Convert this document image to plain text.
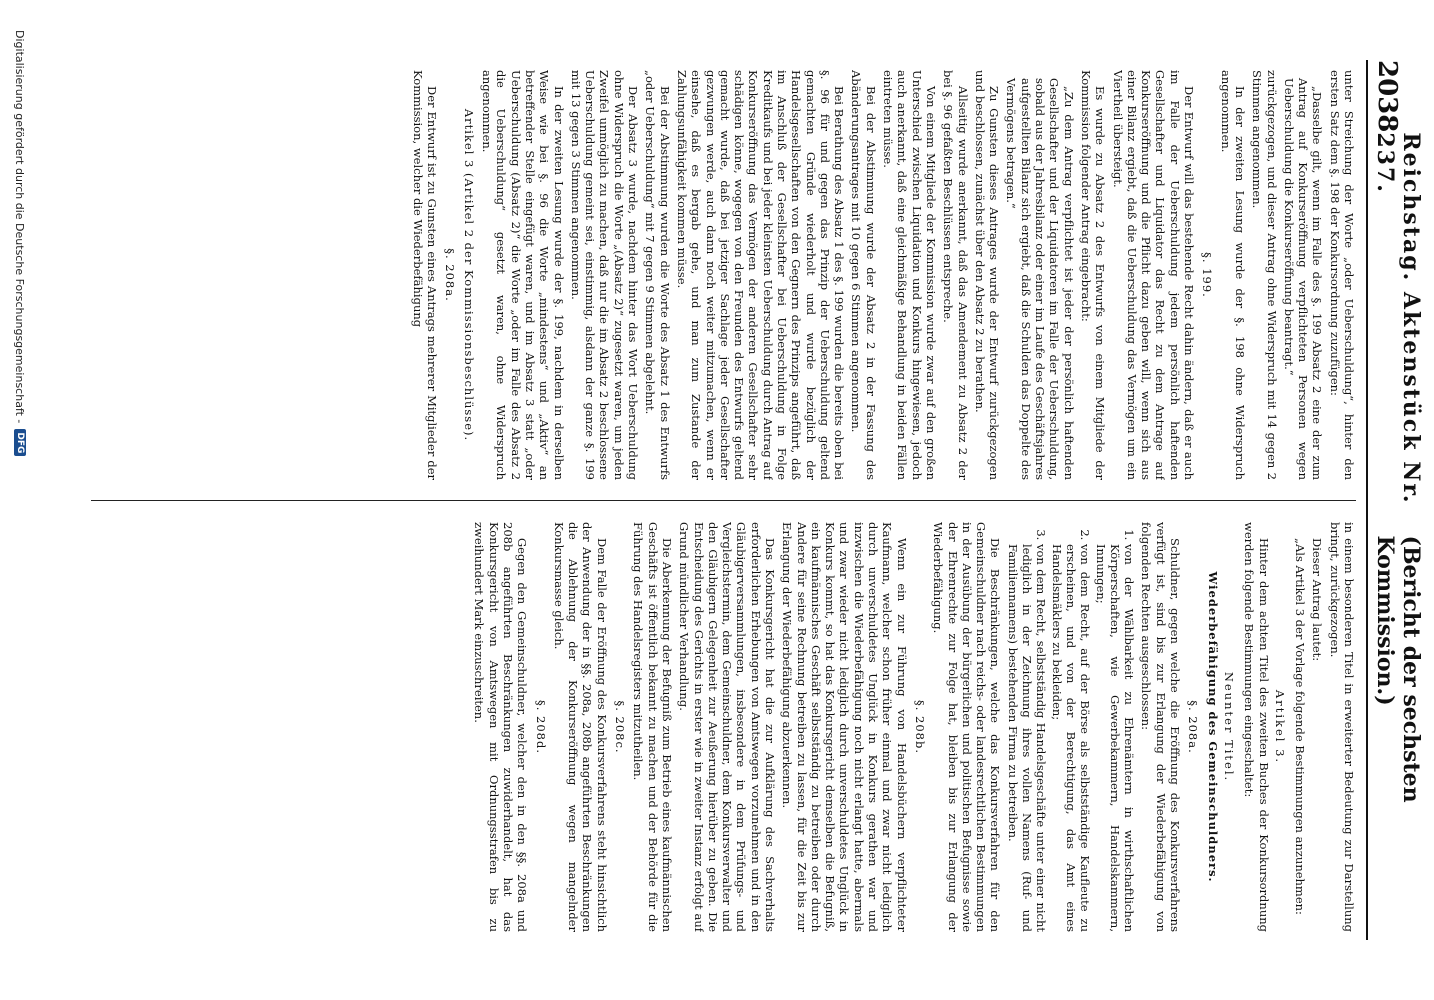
2038
Reichstag. Aktenstück Nr. 237.
(Bericht der sechsten Kommission.)

unter Streichung der Worte „oder Ueberschuldung“, hinter den ersten Satz dem §. 198 der Konkursordnung zuzufügen:

„Dasselbe gilt, wenn im Falle des §. 199 Absatz 2 eine der zum Antrag auf Konkurseröffnung verpflichteten Personen wegen Ueberschuldung die Konkurseröffnung beantragt.“

zurückgezogen, und dieser Antrag ohne Widerspruch mit 14 gegen 2 Stimmen angenommen.

In der zweiten Lesung wurde der §. 198 ohne Widerspruch angenommen.

§. 199.

Der Entwurf will das bestehende Recht dahin ändern, daß er auch im Falle der Ueberschuldung jedem persönlich haftenden Gesellschafter und Liquidator das Recht zu dem Antrage auf Konkurseröffnung und die Pflicht dazu geben will, wenn sich aus einer Bilanz ergiebt, daß die Ueberschuldung das Vermögen um ein Viertheil übersteigt.

Es wurde zu Absatz 2 des Entwurfs von einem Mitgliede der Kommission folgender Antrag eingebracht:

„Zu dem Antrag verpflichtet ist jeder der persönlich haftenden Gesellschafter und der Liquidatoren im Falle der Ueberschuldung, sobald aus der Jahresbilanz oder einer im Laufe des Geschäftsjahres aufgestellten Bilanz sich ergiebt, daß die Schulden das Doppelte des Vermögens betragen.“

Zu Gunsten dieses Antrages wurde der Entwurf zurückgezogen und beschlossen, zunächst über den Absatz 2 zu berathen.

Allseitig wurde anerkannt, daß das Amendement zu Absatz 2 der bei §. 96 gefaßten Beschlüssen entspreche.

Von einem Mitgliede der Kommission wurde zwar auf den großen Unterschied zwischen Liquidation und Konkurs hingewiesen, jedoch auch anerkannt, daß eine gleichmäßige Behandlung in beiden Fällen eintreten müsse.

Bei der Abstimmung wurde der Absatz 2 in der Fassung des Abänderungsantrages mit 10 gegen 6 Stimmen angenommen.

Bei Berathung des Absatz 1 des §. 199 wurden die bereits oben bei §. 96 für und gegen das Prinzip der Ueberschuldung geltend gemachten Gründe wiederholt und wurde bezüglich der Handelsgesellschaften von den Gegnern des Prinzips angeführt, daß im Anschluß der Gesellschafter bei Ueberschuldung in Folge Kreditkaufs und bei jeder kleinsten Ueberschuldung durch Antrag auf Konkurseröffnung das Vermögen der anderen Gesellschafter sehr schädigen könne, wogegen von den Freunden des Entwurfs geltend gemacht wurde, daß bei jetziger Sachlage jeder Gesellschafter gezwungen werde, auch dann noch weiter mitzumachen, wenn er einsehe, daß es bergab gehe, und man zum Zustande der Zahlungsunfähigkeit kommen müsse.

Bei der Abstimmung wurden die Worte des Absatz 1 des Entwurfs „oder Ueberschuldung“ mit 7 gegen 9 Stimmen abgelehnt.

Der Absatz 3 wurde, nachdem hinter das Wort Ueberschuldung ohne Widerspruch die Worte „(Absatz 2)“ zugesetzt waren, um jeden Zweifel unmöglich zu machen, daß nur die im Absatz 2 beschlossene Ueberschuldung gemeint sei, einstimmig, alsdann der ganze §. 199 mit 13 gegen 3 Stimmen angenommen.

In der zweiten Lesung wurde der §. 199, nachdem in derselben Weise wie bei §. 96 die Worte „mindestens“ und „Aktiv“ an betreffender Stelle eingefügt waren, und im Absatz 3 statt „oder Ueberschuldung (Absatz 2)“ die Worte „oder im Falle des Absatz 2 die Ueberschuldung“ gesetzt waren, ohne Widerspruch angenommen.

Artikel 3 (Artikel 2 der Kommissionsbeschlüsse).
§. 208a.

Der Entwurf ist zu Gunsten eines Antrags mehrerer Mitglieder der Kommission, welcher die Wiederbefähigung

in einem besonderen Titel in erweiterter Bedeutung zur Darstellung bringt, zurückgezogen.

Dieser Antrag lautet:

„Als Artikel 3 der Vorlage folgende Bestimmungen anzunehmen:

Artikel 3.

Hinter dem achten Titel des zweiten Buches der Konkursordnung werden folgende Bestimmungen eingeschaltet:

Neunter Titel.
Wiederbefähigung des Gemeinschuldners.
§. 208a.

Schuldner, gegen welche die Eröffnung des Konkursverfahrens verfügt ist, sind bis zur Erlangung der Wiederbefähigung von folgenden Rechten ausgeschlossen:

1. von der Wählbarkeit zu Ehrenämtern in wirthschaftlichen Körperschaften, wie Gewerbekammern, Handelskammern, Innungen;
2. von dem Recht, auf der Börse als selbstständige Kaufleute zu erscheinen, und von der Berechtigung, das Amt eines Handelsmäklers zu bekleiden;
3. von dem Recht, selbstständig Handelsgeschäfte unter einer nicht lediglich in der Zeichnung ihres vollen Namens (Ruf- und Familiennamens) bestehenden Firma zu betreiben.

Die Beschränkungen, welche das Konkursverfahren für den Gemeinschuldner nach reichs- oder landesrechtlichen Bestimmungen in der Ausübung der bürgerlichen und politischen Befugnisse sowie der Ehrenrechte zur Folge hat, bleiben bis zur Erlangung der Wiederbefähigung.

§. 208b.

Wenn ein zur Führung von Handelsbüchern verpflichteter Kaufmann, welcher schon früher einmal und zwar nicht lediglich durch unverschuldetes Unglück in Konkurs gerathen war und inzwischen die Wiederbefähigung noch nicht erlangt hatte, abermals und zwar wieder nicht lediglich durch unverschuldetes Unglück in Konkurs kommt, so hat das Konkursgericht demselben die Befugniß, ein kaufmännisches Geschäft selbstständig zu betreiben oder durch Andere für seine Rechnung betreiben zu lassen, für die Zeit bis zur Erlangung der Wiederbefähigung abzuerkennen.

Das Konkursgericht hat die zur Aufklärung des Sachverhalts erforderlichen Erhebungen von Amtswegen vorzunehmen und in den Gläubigerversammlungen, insbesondere in dem Prüfungs- und Vergleichstermin, dem Gemeinschuldner, dem Konkursverwalter und den Gläubigern Gelegenheit zur Aeußerung hierüber zu geben. Die Entscheidung des Gerichts in erster wie in zweiter Instanz erfolgt auf Grund mündlicher Verhandlung.

Die Aberkennung der Befugniß zum Betrieb eines kaufmännischen Geschäfts ist öffentlich bekannt zu machen und der Behörde für die Führung des Handelsregisters mitzutheilen.

§. 208c.

Dem Falle der Eröffnung des Konkursverfahrens steht hinsichtlich der Anwendung der in §§. 208a, 208b angeführten Beschränkungen die Ablehnung der Konkurseröffnung wegen mangelnder Konkursmasse gleich.

§. 208d.

Gegen den Gemeinschuldner, welcher den in den §§. 208a und 208b angeführten Beschränkungen zuwiderhandelt, hat das Konkursgericht von Amtswegen mit Ordnungsstrafen bis zu zweihundert Mark einzuschreiten.

Digitalisierung gefördert durch die Deutsche Forschungsgemeinschaft -
DFG
